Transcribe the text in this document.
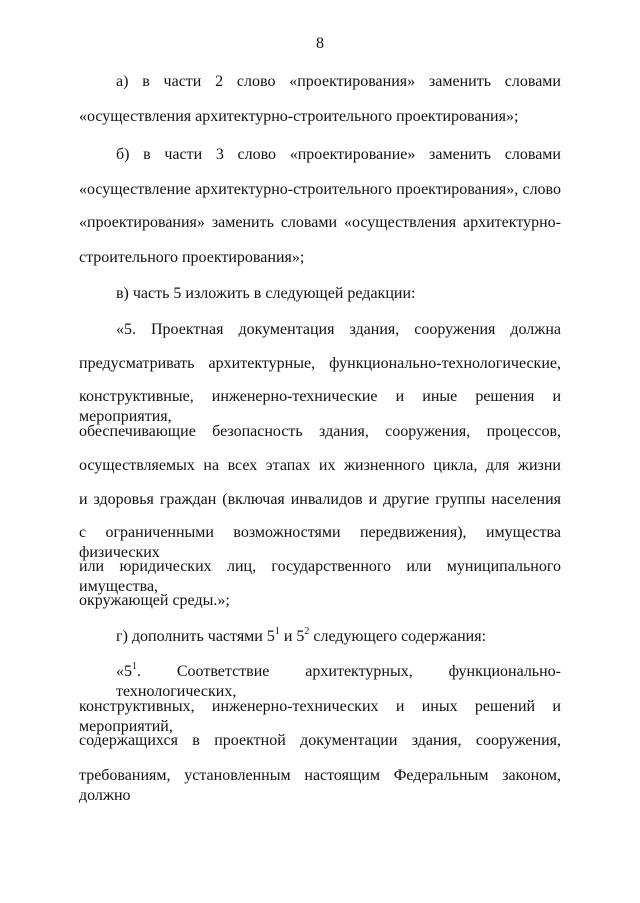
8
а) в части 2 слово «проектирования» заменить словами
«осуществления архитектурно-строительного проектирования»;
б) в части 3 слово «проектирование» заменить словами
«осуществление архитектурно-строительного проектирования», слово
«проектирования» заменить словами «осуществления архитектурно-
строительного проектирования»;
в) часть 5 изложить в следующей редакции:
«5. Проектная документация здания, сооружения должна
предусматривать архитектурные, функционально-технологические,
конструктивные, инженерно-технические и иные решения и мероприятия,
обеспечивающие безопасность здания, сооружения, процессов,
осуществляемых на всех этапах их жизненного цикла, для жизни
и здоровья граждан (включая инвалидов и другие группы населения
с ограниченными возможностями передвижения), имущества физических
или юридических лиц, государственного или муниципального имущества,
окружающей среды.»;
г) дополнить частями $5^1$ и $5^2$ следующего содержания:
«$5^1$. Соответствие архитектурных, функционально-технологических,
конструктивных, инженерно-технических и иных решений и мероприятий,
содержащихся в проектной документации здания, сооружения,
требованиям, установленным настоящим Федеральным законом, должно
